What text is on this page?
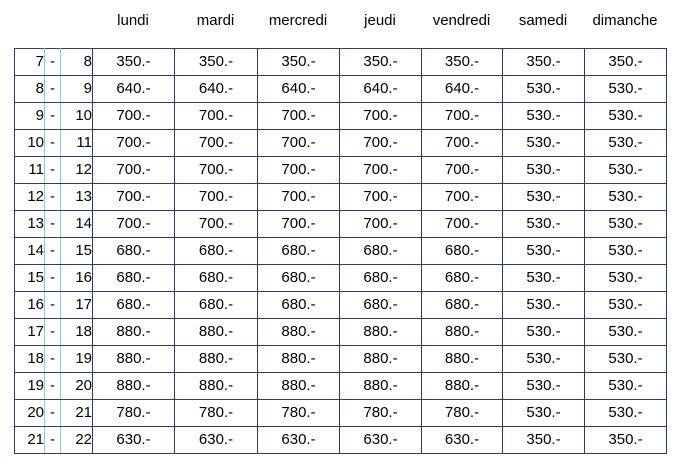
lundi	mardi	mercredi	jeudi	vendredi	samedi	dimanche
7	-	8	350.-	350.-	350.-	350.-	350.-	350.-	350.-
8	-	9	640.-	640.-	640.-	640.-	640.-	530.-	530.-
9	-	10	700.-	700.-	700.-	700.-	700.-	530.-	530.-
10	-	11	700.-	700.-	700.-	700.-	700.-	530.-	530.-
11	-	12	700.-	700.-	700.-	700.-	700.-	530.-	530.-
12	-	13	700.-	700.-	700.-	700.-	700.-	530.-	530.-
13	-	14	700.-	700.-	700.-	700.-	700.-	530.-	530.-
14	-	15	680.-	680.-	680.-	680.-	680.-	530.-	530.-
15	-	16	680.-	680.-	680.-	680.-	680.-	530.-	530.-
16	-	17	680.-	680.-	680.-	680.-	680.-	530.-	530.-
17	-	18	880.-	880.-	880.-	880.-	880.-	530.-	530.-
18	-	19	880.-	880.-	880.-	880.-	880.-	530.-	530.-
19	-	20	880.-	880.-	880.-	880.-	880.-	530.-	530.-
20	-	21	780.-	780.-	780.-	780.-	780.-	530.-	530.-
21	-	22	630.-	630.-	630.-	630.-	630.-	350.-	350.-
